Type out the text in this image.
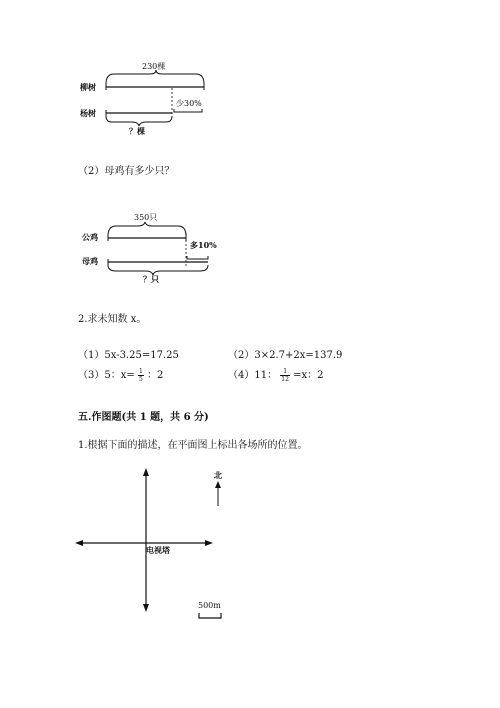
230棵
柳树
杨树
少30%
？棵
（2）母鸡有多少只？
350只
公鸡
母鸡
多10%
？只
2.求未知数 x。
（1）5x-3.25=17.25	（2）3×2.7+2x=137.9
（3）5：$x= \frac{1}{5}$ ：2	（4）11： $\frac{1}{12} =x$：2
五.作图题(共 1 题，共 6 分)
1.根据下面的描述，在平面图上标出各场所的位置。
北
电视塔
500m
